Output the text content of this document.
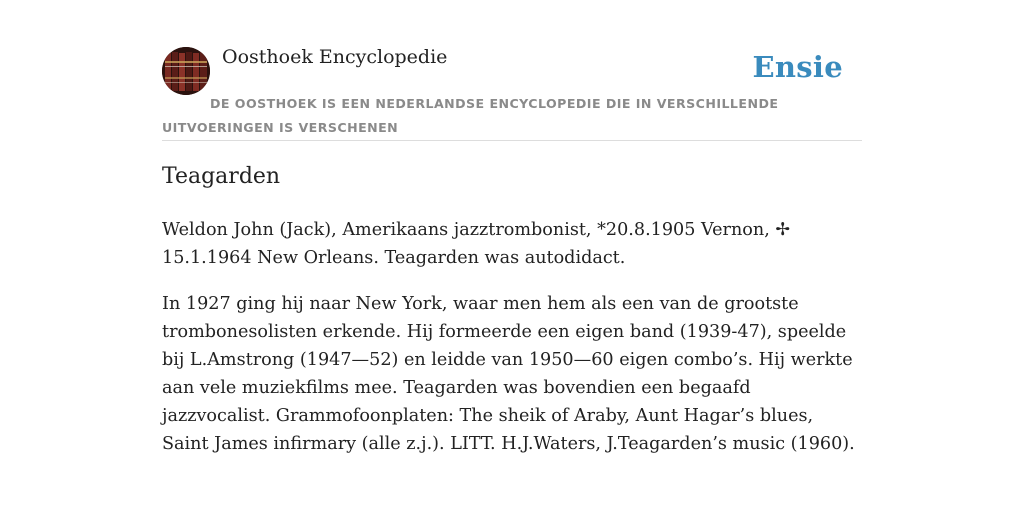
Oosthoek Encyclopedie	Ensie
DE OOSTHOEK IS EEN NEDERLANDSE ENCYCLOPEDIE DIE IN VERSCHILLENDE UITVOERINGEN IS VERSCHENEN
Teagarden

Weldon John (Jack), Amerikaans jazztrombonist, *20.8.1905 Vernon, ✢ 15.1.1964 New Orleans. Teagarden was autodidact.

In 1927 ging hij naar New York, waar men hem als een van de grootste trombonesolisten erkende. Hij formeerde een eigen band (1939-47), speelde bij L.Amstrong (1947—52) en leidde van 1950—60 eigen combo’s. Hij werkte aan vele muziekfilms mee. Teagarden was bovendien een begaafd jazzvocalist. Grammofoonplaten: The sheik of Araby, Aunt Hagar’s blues, Saint James infirmary (alle z.j.). LITT. H.J.Waters, J.Teagarden’s music (1960).
